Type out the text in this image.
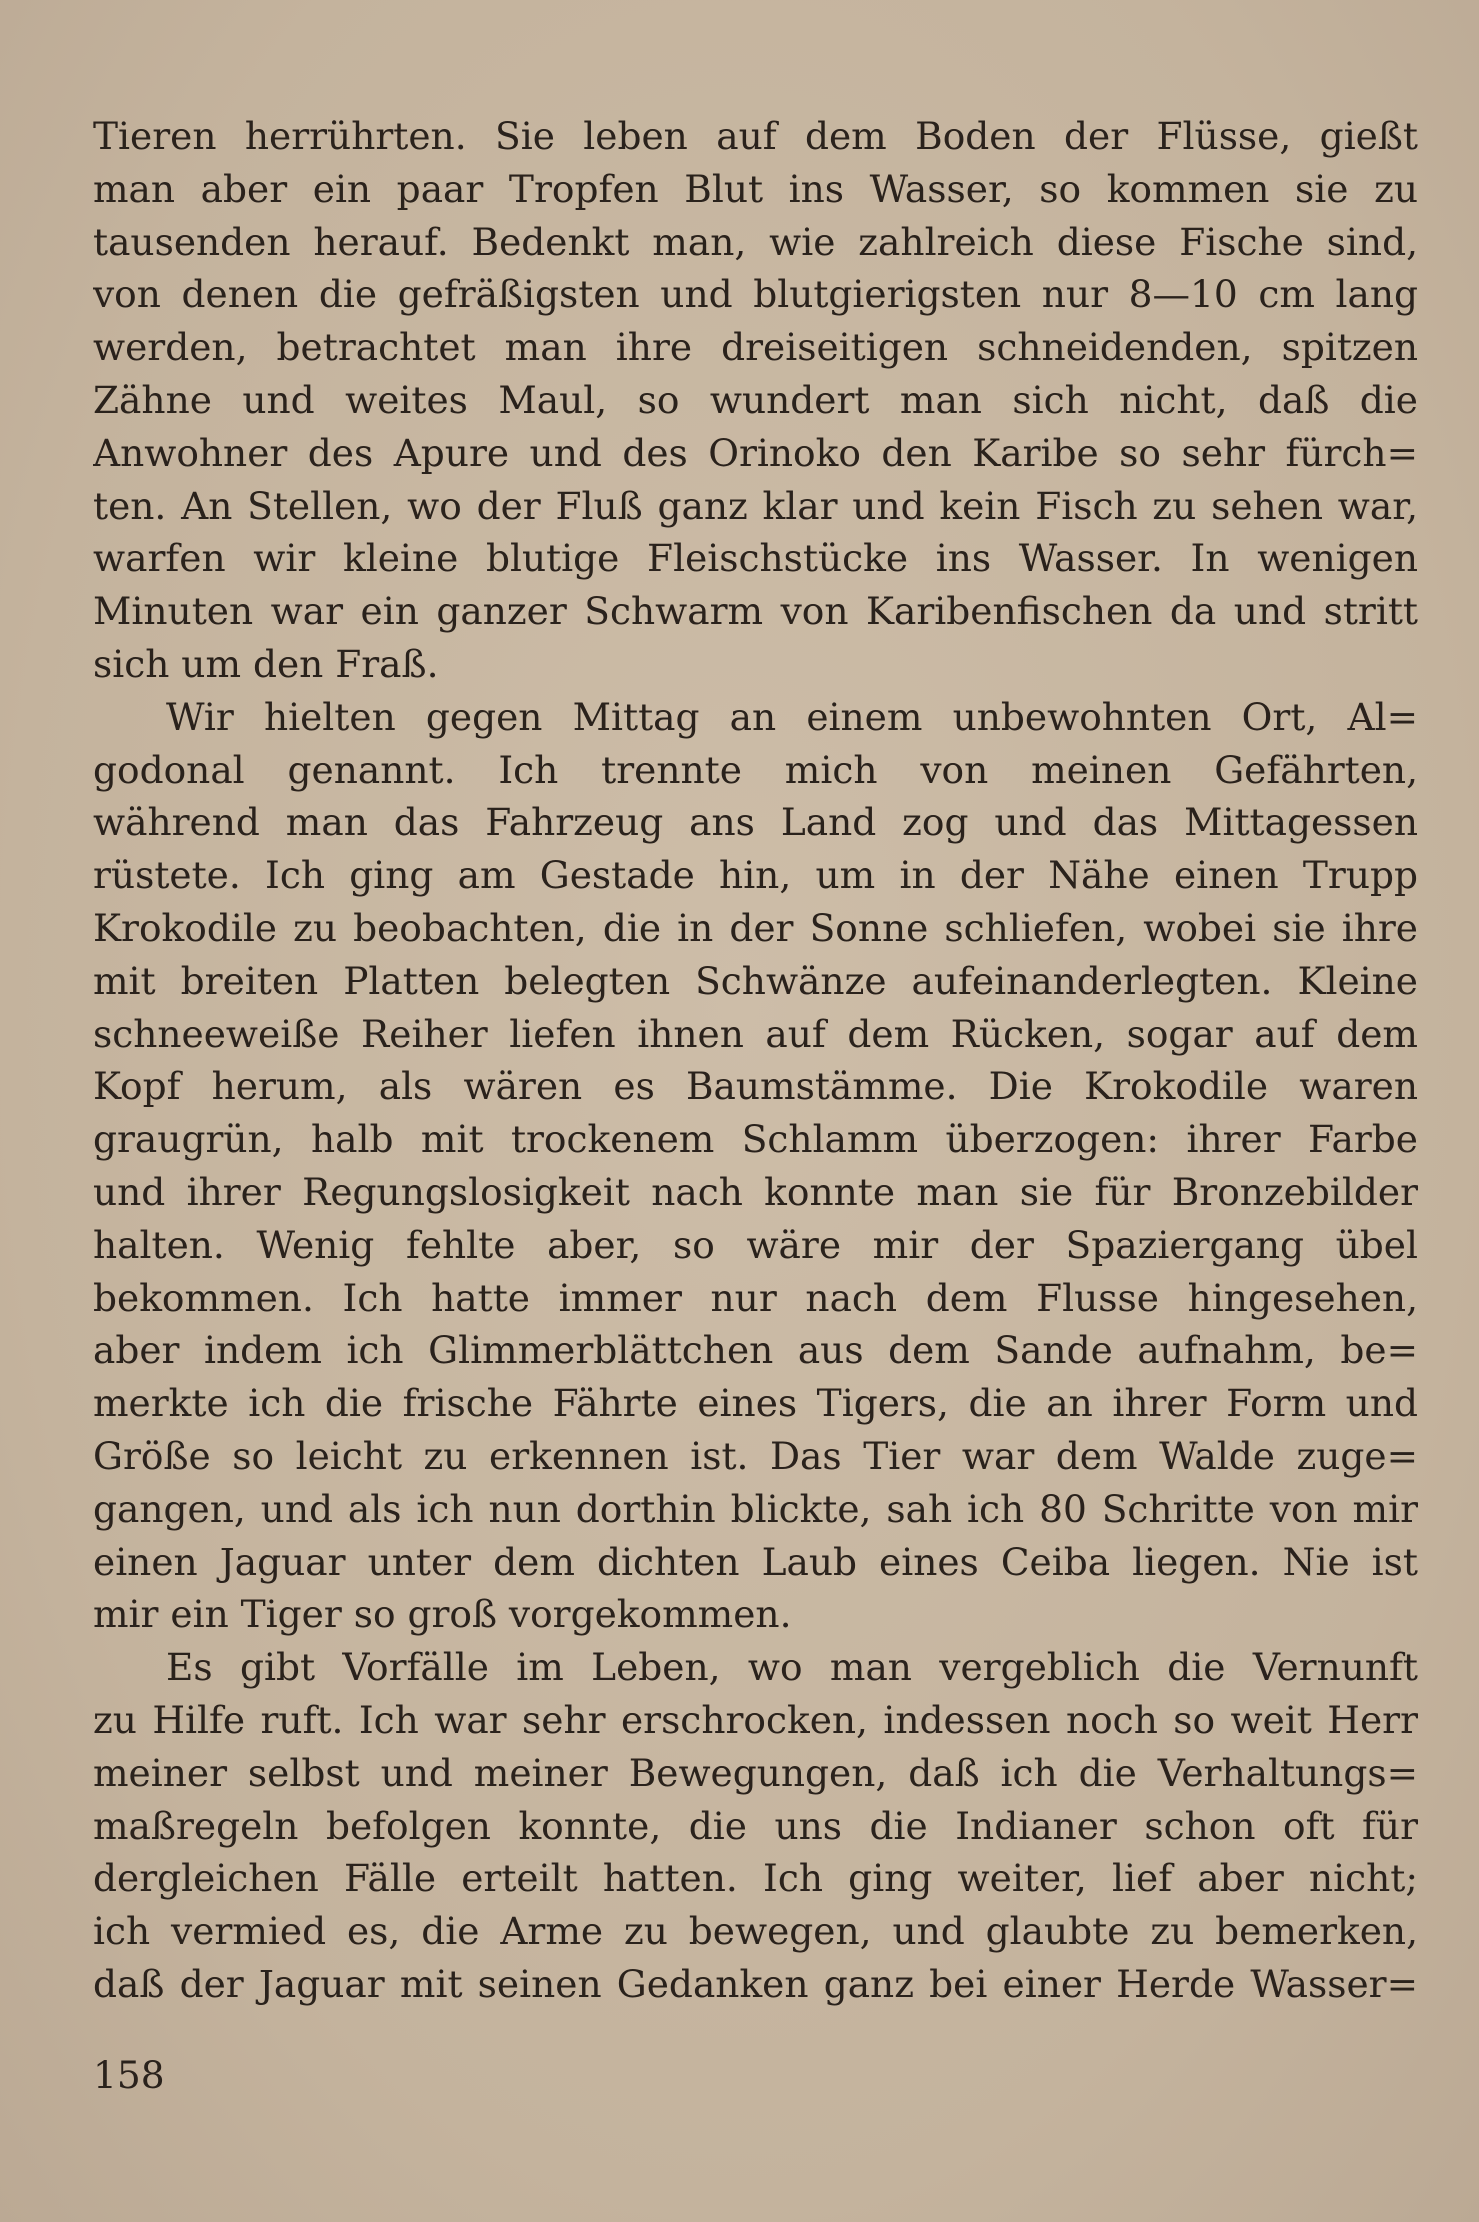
Tieren herrührten. Sie leben auf dem Boden der Flüsse, gießt
man aber ein paar Tropfen Blut ins Wasser, so kommen sie zu
tausenden herauf. Bedenkt man, wie zahlreich diese Fische sind,
von denen die gefräßigsten und blutgierigsten nur 8—10 cm lang
werden, betrachtet man ihre dreiseitigen schneidenden, spitzen
Zähne und weites Maul, so wundert man sich nicht, daß die
Anwohner des Apure und des Orinoko den Karibe so sehr fürch=
ten. An Stellen, wo der Fluß ganz klar und kein Fisch zu sehen war,
warfen wir kleine blutige Fleischstücke ins Wasser. In wenigen
Minuten war ein ganzer Schwarm von Karibenfischen da und stritt
sich um den Fraß.
Wir hielten gegen Mittag an einem unbewohnten Ort, Al=
godonal genannt. Ich trennte mich von meinen Gefährten,
während man das Fahrzeug ans Land zog und das Mittagessen
rüstete. Ich ging am Gestade hin, um in der Nähe einen Trupp
Krokodile zu beobachten, die in der Sonne schliefen, wobei sie ihre
mit breiten Platten belegten Schwänze aufeinanderlegten. Kleine
schneeweiße Reiher liefen ihnen auf dem Rücken, sogar auf dem
Kopf herum, als wären es Baumstämme. Die Krokodile waren
graugrün, halb mit trockenem Schlamm überzogen: ihrer Farbe
und ihrer Regungslosigkeit nach konnte man sie für Bronzebilder
halten. Wenig fehlte aber, so wäre mir der Spaziergang übel
bekommen. Ich hatte immer nur nach dem Flusse hingesehen,
aber indem ich Glimmerblättchen aus dem Sande aufnahm, be=
merkte ich die frische Fährte eines Tigers, die an ihrer Form und
Größe so leicht zu erkennen ist. Das Tier war dem Walde zuge=
gangen, und als ich nun dorthin blickte, sah ich 80 Schritte von mir
einen Jaguar unter dem dichten Laub eines Ceiba liegen. Nie ist
mir ein Tiger so groß vorgekommen.
Es gibt Vorfälle im Leben, wo man vergeblich die Vernunft
zu Hilfe ruft. Ich war sehr erschrocken, indessen noch so weit Herr
meiner selbst und meiner Bewegungen, daß ich die Verhaltungs=
maßregeln befolgen konnte, die uns die Indianer schon oft für
dergleichen Fälle erteilt hatten. Ich ging weiter, lief aber nicht;
ich vermied es, die Arme zu bewegen, und glaubte zu bemerken,
daß der Jaguar mit seinen Gedanken ganz bei einer Herde Wasser=
158
